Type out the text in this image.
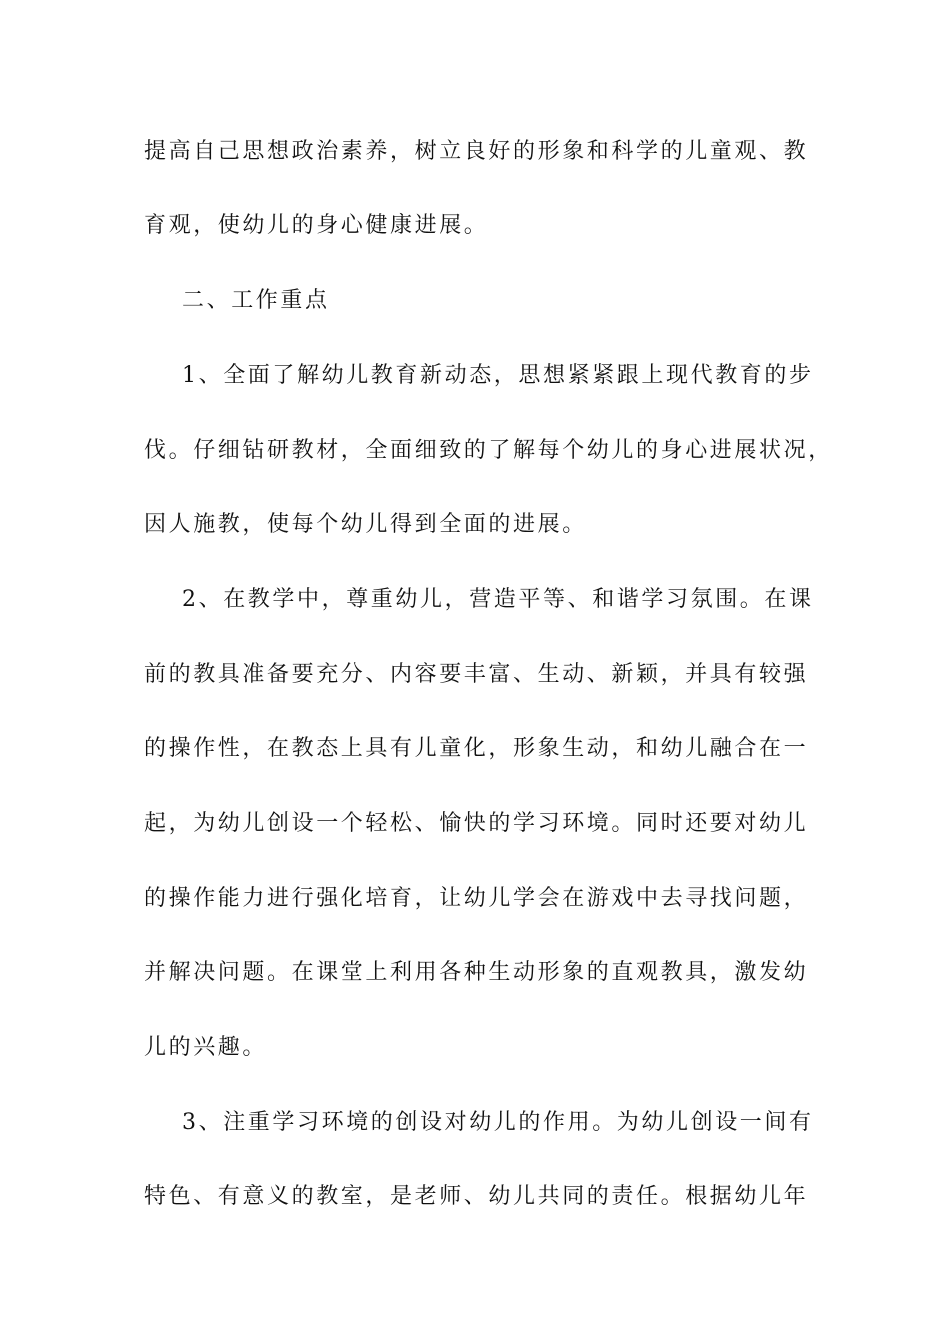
提高自己思想政治素养，树立良好的形象和科学的儿童观、教
育观，使幼儿的身心健康进展。
二、工作重点
1、全面了解幼儿教育新动态，思想紧紧跟上现代教育的步
伐。仔细钻研教材，全面细致的了解每个幼儿的身心进展状况，
因人施教，使每个幼儿得到全面的进展。
2、在教学中，尊重幼儿，营造平等、和谐学习氛围。在课
前的教具准备要充分、内容要丰富、生动、新颖，并具有较强
的操作性，在教态上具有儿童化，形象生动，和幼儿融合在一
起，为幼儿创设一个轻松、愉快的学习环境。同时还要对幼儿
的操作能力进行强化培育，让幼儿学会在游戏中去寻找问题，
并解决问题。在课堂上利用各种生动形象的直观教具，激发幼
儿的兴趣。
3、注重学习环境的创设对幼儿的作用。为幼儿创设一间有
特色、有意义的教室，是老师、幼儿共同的责任。根据幼儿年
